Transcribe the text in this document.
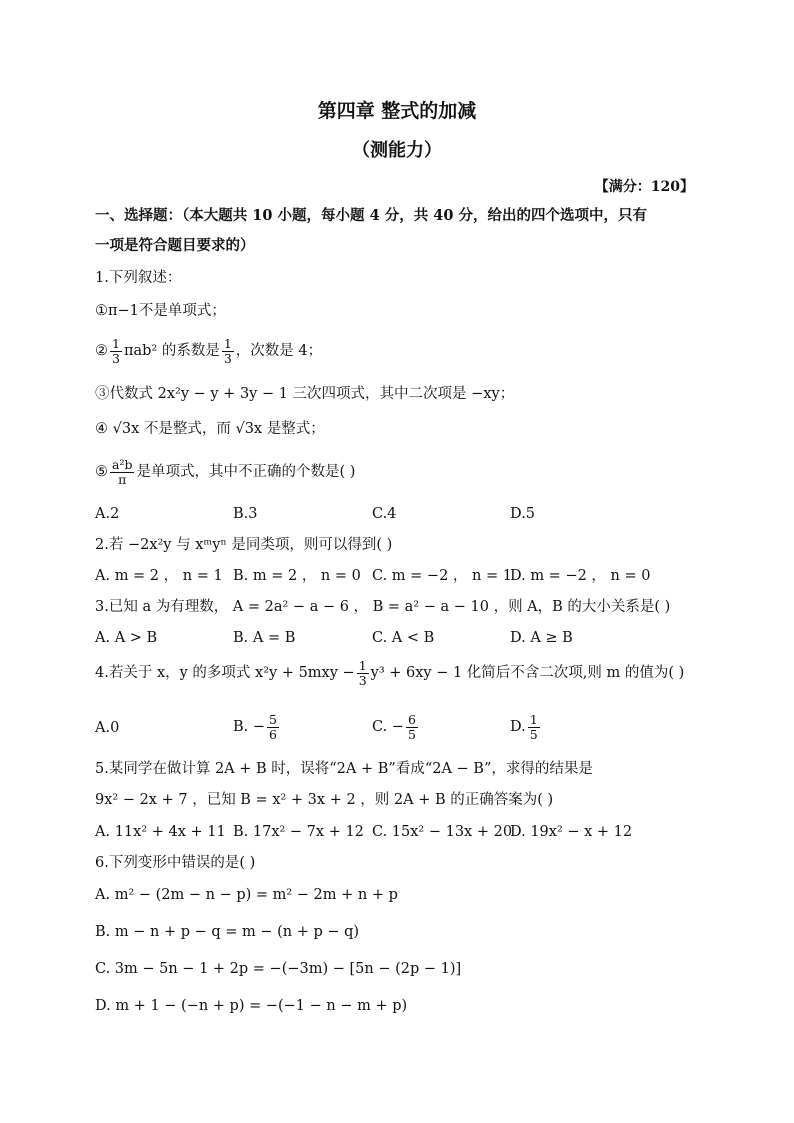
第四章 整式的加减
（测能力）
【满分：120】
一、选择题：（本大题共 10 小题，每小题 4 分，共 40 分，给出的四个选项中，只有
一项是符合题目要求的）
1.下列叙述：
①π−1不是单项式；
② $\frac{1}{3} \pi ab^2$ 的系数是 $\frac{1}{3}$ ，次数是 4；
③代数式 2x²y − y + 3y − 1 三次四项式，其中二次项是 −xy；
④ √3x 不是整式，而 √3x 是整式；
⑤ $\frac{\text{a²b}}{\pi}$ 是单项式，其中不正确的个数是( )
A.2	B.3	C.4	D.5
2.若 −2x²y 与 xᵐyⁿ 是同类项，则可以得到( )
A. m = 2 ， n = 1 B. m = 2 ， n = 0 C. m = −2 ， n = 1
D. m = −2 ， n = 0
3.已知 a 为有理数， A = 2a² − a − 6 ， B = a² − a − 10 ，则 A，B 的大小关系是( )
A. A > B	B. A = B	C. A < B	D. A ≥ B
4.若关于 x，y 的多项式 $x^2y + 5mxy - \frac{1}{3} y^3 + 6xy - 1$ 化简后不含二次项,则 m 的值为( )
A.0	B. − $\frac{5}{6}$	C. − $\frac{6}{5}$	D. $\frac{1}{5}$
5.某同学在做计算 2A + B 时，误将“2A + B”看成“2A − B”，求得的结果是
9x² − 2x + 7 ，已知 B = x² + 3x + 2 ，则 2A + B 的正确答案为( )
A. 11x² + 4x + 11 B. 17x² − 7x + 12 C. 15x² − 13x + 20
D. 19x² − x + 12
6.下列变形中错误的是( )
A. m² − (2m − n − p) = m² − 2m + n + p
B. m − n + p − q = m − (n + p − q)
C. 3m − 5n − 1 + 2p = −(−3m) − [5n − (2p − 1)]
D. m + 1 − (−n + p) = −(−1 − n − m + p)
